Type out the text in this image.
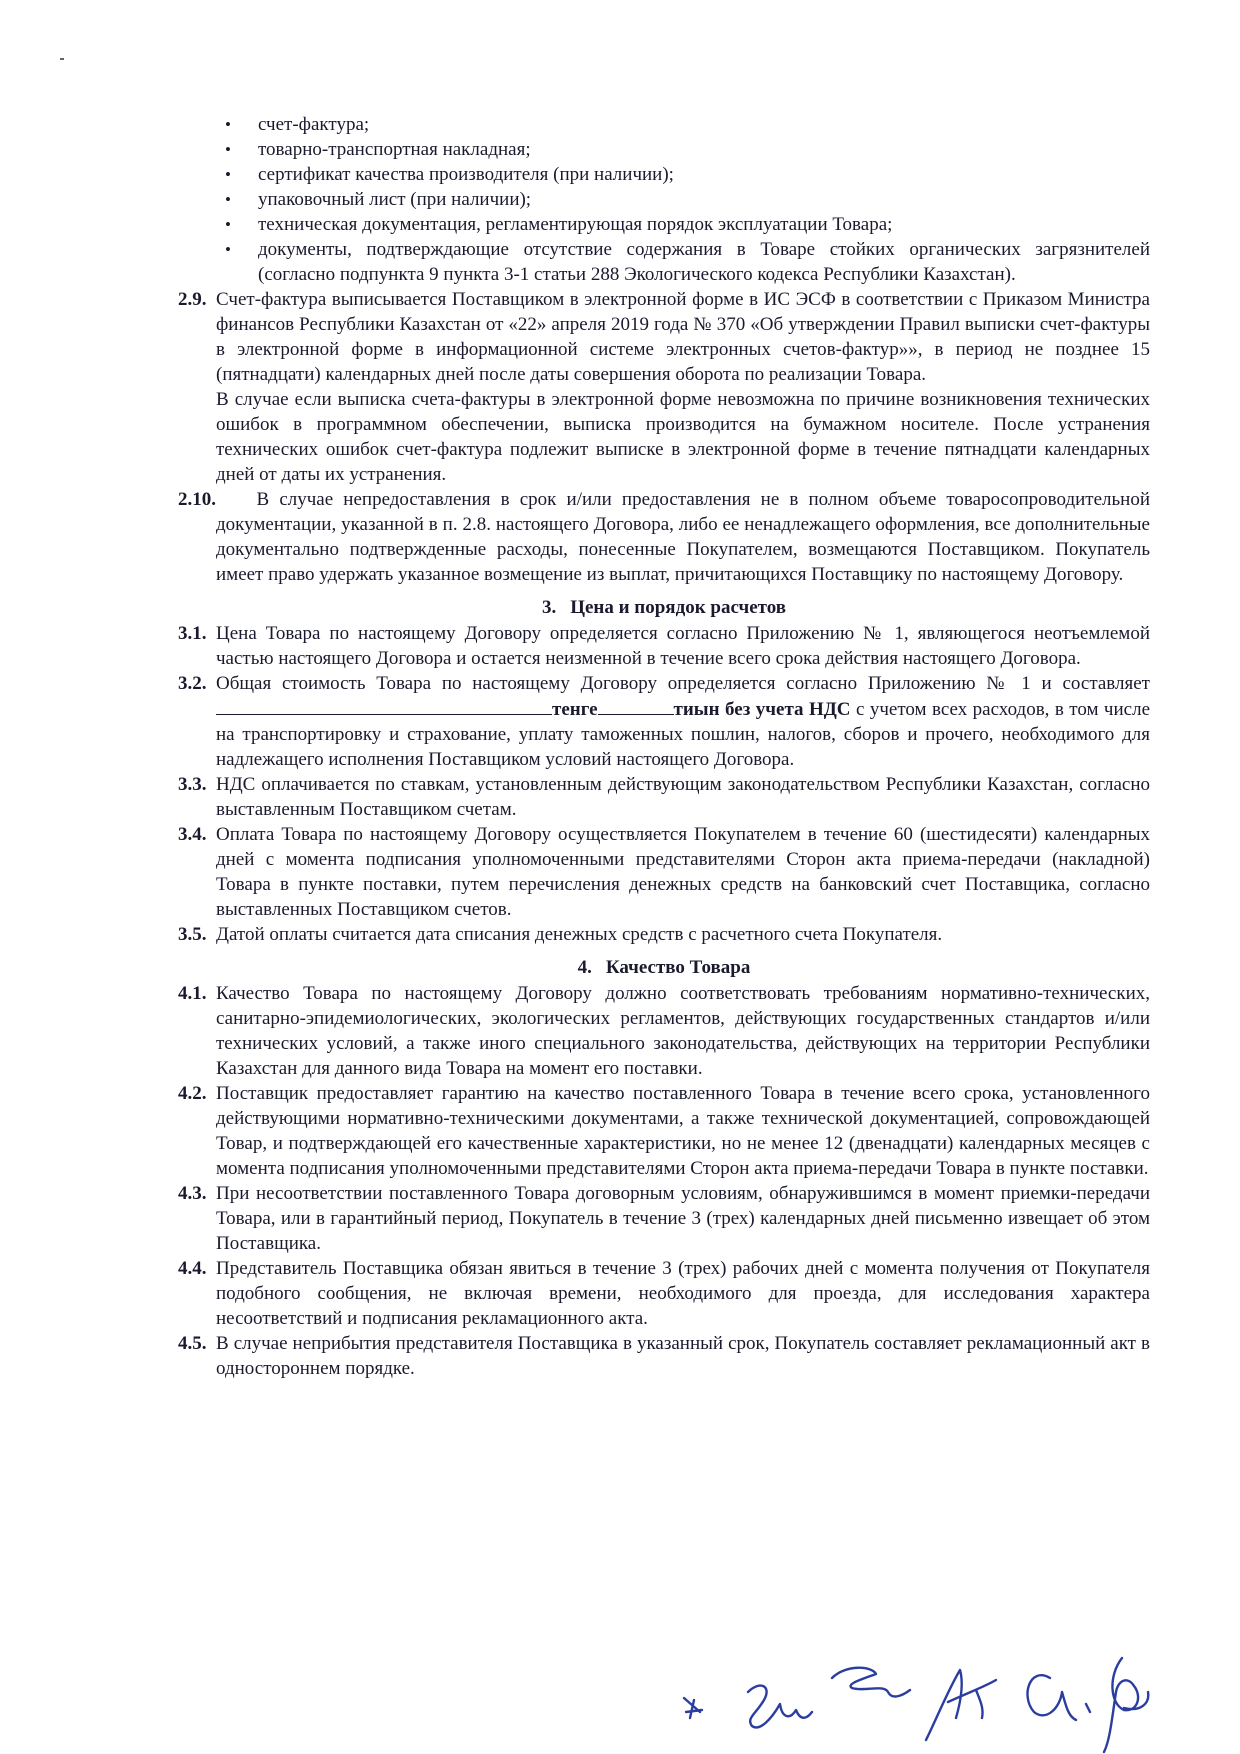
• счет-фактура;
• товарно-транспортная накладная;
• сертификат качества производителя (при наличии);
• упаковочный лист (при наличии);
• техническая документация, регламентирующая порядок эксплуатации Товара;
• документы, подтверждающие отсутствие содержания в Товаре стойких органических загрязнителей (согласно подпункта 9 пункта 3-1 статьи 288 Экологического кодекса Республики Казахстан).
2.9. Счет-фактура выписывается Поставщиком в электронной форме в ИС ЭСФ в соответствии с Приказом Министра финансов Республики Казахстан от «22» апреля 2019 года № 370 «Об утверждении Правил выписки счет-фактуры в электронной форме в информационной системе электронных счетов-фактур»», в период не позднее 15 (пятнадцати) календарных дней после даты совершения оборота по реализации Товара.

В случае если выписка счета-фактуры в электронной форме невозможна по причине возникновения технических ошибок в программном обеспечении, выписка производится на бумажном носителе. После устранения технических ошибок счет-фактура подлежит выписке в электронной форме в течение пятнадцати календарных дней от даты их устранения.

2.10. В случае непредоставления в срок и/или предоставления не в полном объеме товаросопроводительной документации, указанной в п. 2.8. настоящего Договора, либо ее ненадлежащего оформления, все дополнительные документально подтвержденные расходы, понесенные Покупателем, возмещаются Поставщиком. Покупатель имеет право удержать указанное возмещение из выплат, причитающихся Поставщику по настоящему Договору.
3. Цена и порядок расчетов
3.1. Цена Товара по настоящему Договору определяется согласно Приложению № 1, являющегося неотъемлемой частью настоящего Договора и остается неизменной в течение всего срока действия настоящего Договора.
3.2. Общая стоимость Товара по настоящему Договору определяется согласно Приложению № 1 и составляеттенге	тиын без учета НДС с учетом всех расходов, в том числе на транспортировку и страхование, уплату таможенных пошлин, налогов, сборов и прочего, необходимого для надлежащего исполнения Поставщиком условий настоящего Договора.
3.3. НДС оплачивается по ставкам, установленным действующим законодательством Республики Казахстан, согласно выставленным Поставщиком счетам.
3.4. Оплата Товара по настоящему Договору осуществляется Покупателем в течение 60 (шестидесяти) календарных дней с момента подписания уполномоченными представителями Сторон акта приема-передачи (накладной) Товара в пункте поставки, путем перечисления денежных средств на банковский счет Поставщика, согласно выставленных Поставщиком счетов.
3.5. Датой оплаты считается дата списания денежных средств с расчетного счета Покупателя.
4. Качество Товара
4.1. Качество Товара по настоящему Договору должно соответствовать требованиям нормативно-технических, санитарно-эпидемиологических, экологических регламентов, действующих государственных стандартов и/или технических условий, а также иного специального законодательства, действующих на территории Республики Казахстан для данного вида Товара на момент его поставки.
4.2. Поставщик предоставляет гарантию на качество поставленного Товара в течение всего срока, установленного действующими нормативно-техническими документами, а также технической документацией, сопровождающей Товар, и подтверждающей его качественные характеристики, но не менее 12 (двенадцати) календарных месяцев с момента подписания уполномоченными представителями Сторон акта приема-передачи Товара в пункте поставки.
4.3. При несоответствии поставленного Товара договорным условиям, обнаружившимся в момент приемки-передачи Товара, или в гарантийный период, Покупатель в течение 3 (трех) календарных дней письменно извещает об этом Поставщика.
4.4. Представитель Поставщика обязан явиться в течение 3 (трех) рабочих дней с момента получения от Покупателя подобного сообщения, не включая времени, необходимого для проезда, для исследования характера несоответствий и подписания рекламационного акта.
4.5. В случае неприбытия представителя Поставщика в указанный срок, Покупатель составляет рекламационный акт в одностороннем порядке.
